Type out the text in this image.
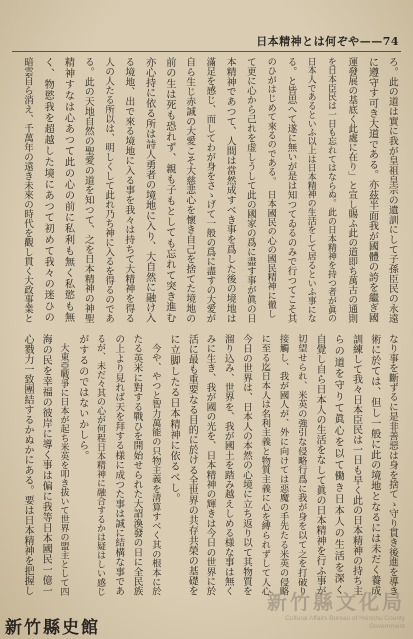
日本精神とは何ぞや——74
ろ。此の道は實に我が皇祖皇宗の遺訓にして子孫臣民の永遠
に遵守す可き大道である。亦茲半面我が國體の誇を繼ぎ國
運發展の基底く此處に在り」と宣し賜ふ此の道即ち萬古の通則
を日本臣民は一日も忘れてはならぬ。此の日本精神を持つ者が眞の
日本人であるといふ以上は日本精神の生活をして居るといふ事にな
る。と皆思へて遂に無いが是は知つてゐるのみで行つてこそ其
のひがはじめて來るのである。　日本國民の心の國民精神に徹し
て更に心から己れを虚しうして此の國家の爲に盡す事が眞の日
本精神であつて、人間は當然成すべき事を爲した後の境地は
滿足を感じ、而してわが身をさゝげて一般の爲に盡すの大愛が
自ら生じ赤誠の大愛こそ大慈悲心を懷き自己を捨てた境地の
前の生は死も恐れず、親も子もとしても忘れて突き進む
亦心持に依る所は詩人勇者の境地に入り、大自然に融け入
る境地、出で來る境地に入る事を我々は持ちて大精神を得る
人の人たる所以は、明しくして此れ乃ち神に入るを得るのであ
る。此の天地自然の聖愛の道を知つて、之を日本精神の神聖
精神すなは心あつて此の心の前に私利も無く私慾も無
く、物慾我を超越した境にあつて初めて我々の迷ひの
暗雲自ら消え、千萬年の遠き未來の時代を觀し貫く大政事業と
なり事を斷ずるに是非善惡は身を捨てゝ守り貫き後進を導き
術に於ては、但し一般に此の境地となるには未だく養成
訓練して我々日本臣民は一日も早く此の日本精神の持ち主
らの道を守りて眞心を以て働き日本人の生活を深く
自覺し自ら日本人の生活をなして眞の日本精神を行ふ事が
切望せられ、米英の強引な侵略行爲に我が身を以て之を打破り
接觸し、我が國人が、外に向けては惡魔の手先たる米英の侵略
に至る迄日本人は名利主義と物質主義に心を縛られずして人心
今日の世界は、日本人の本然の心境に立ち返り以て其物質を
溜り込み、世界を、我が國土を踏み越えしめる様な事は無く
みに生き、我が國の光を、日本精神の輝きは今日の世界に於
活に最も重要なる目的に於ける全世界の共存共榮の基礎を
に立脚したる日本精神に依るべし。
　今や、やつと智力萬能の只物主義を清算すべく其の根本に於
たる英米に對する戰ひを開始せられた大詔渙發の日に全民族
の上より見れば天を拜する様に成つた事は誠に結構な事であ
るが、未だ々其の心が何程日本精神に融合するかは疑はしい感じ
がするのではないかしら。
　大東亞戰爭に日本が起ち米英を叩き拔いて世界の盟主として四
海の民を幸福の彼岸に導く事は偏に我等日本國民一億一
心戮力一致團結するかぬかにある。要は日本精神を把握し
新竹縣文化局
Cultural Affairs Bureau of Hsinchu County Government
新竹縣史館
